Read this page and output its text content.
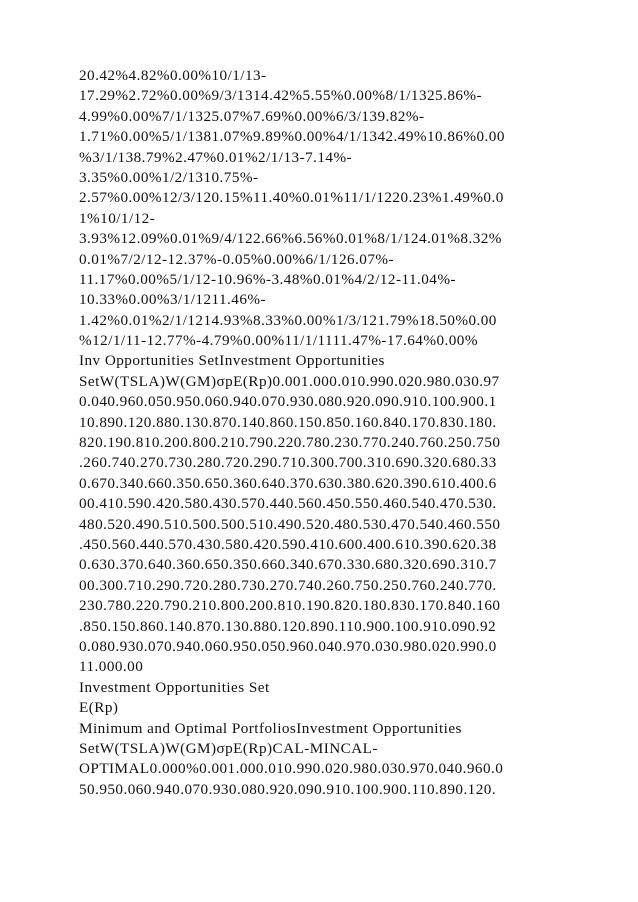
20.42%4.82%0.00%10/1/13-
17.29%2.72%0.00%9/3/1314.42%5.55%0.00%8/1/1325.86%-
4.99%0.00%7/1/1325.07%7.69%0.00%6/3/139.82%-
1.71%0.00%5/1/1381.07%9.89%0.00%4/1/1342.49%10.86%0.00
%3/1/138.79%2.47%0.01%2/1/13-7.14%-
3.35%0.00%1/2/1310.75%-
2.57%0.00%12/3/120.15%11.40%0.01%11/1/1220.23%1.49%0.0
1%10/1/12-
3.93%12.09%0.01%9/4/122.66%6.56%0.01%8/1/124.01%8.32%
0.01%7/2/12-12.37%-0.05%0.00%6/1/126.07%-
11.17%0.00%5/1/12-10.96%-3.48%0.01%4/2/12-11.04%-
10.33%0.00%3/1/1211.46%-
1.42%0.01%2/1/1214.93%8.33%0.00%1/3/121.79%18.50%0.00
%12/1/11-12.77%-4.79%0.00%11/1/1111.47%-17.64%0.00%
Inv Opportunities SetInvestment Opportunities
SetW(TSLA)W(GM)σpE(Rp)0.001.000.010.990.020.980.030.97
0.040.960.050.950.060.940.070.930.080.920.090.910.100.900.1
10.890.120.880.130.870.140.860.150.850.160.840.170.830.180.
820.190.810.200.800.210.790.220.780.230.770.240.760.250.750
.260.740.270.730.280.720.290.710.300.700.310.690.320.680.33
0.670.340.660.350.650.360.640.370.630.380.620.390.610.400.6
00.410.590.420.580.430.570.440.560.450.550.460.540.470.530.
480.520.490.510.500.500.510.490.520.480.530.470.540.460.550
.450.560.440.570.430.580.420.590.410.600.400.610.390.620.38
0.630.370.640.360.650.350.660.340.670.330.680.320.690.310.7
00.300.710.290.720.280.730.270.740.260.750.250.760.240.770.
230.780.220.790.210.800.200.810.190.820.180.830.170.840.160
.850.150.860.140.870.130.880.120.890.110.900.100.910.090.92
0.080.930.070.940.060.950.050.960.040.970.030.980.020.990.0
11.000.00
Investment Opportunities Set
E(Rp)
Minimum and Optimal PortfoliosInvestment Opportunities
SetW(TSLA)W(GM)σpE(Rp)CAL-MINCAL-
OPTIMAL0.000%0.001.000.010.990.020.980.030.970.040.960.0
50.950.060.940.070.930.080.920.090.910.100.900.110.890.120.
